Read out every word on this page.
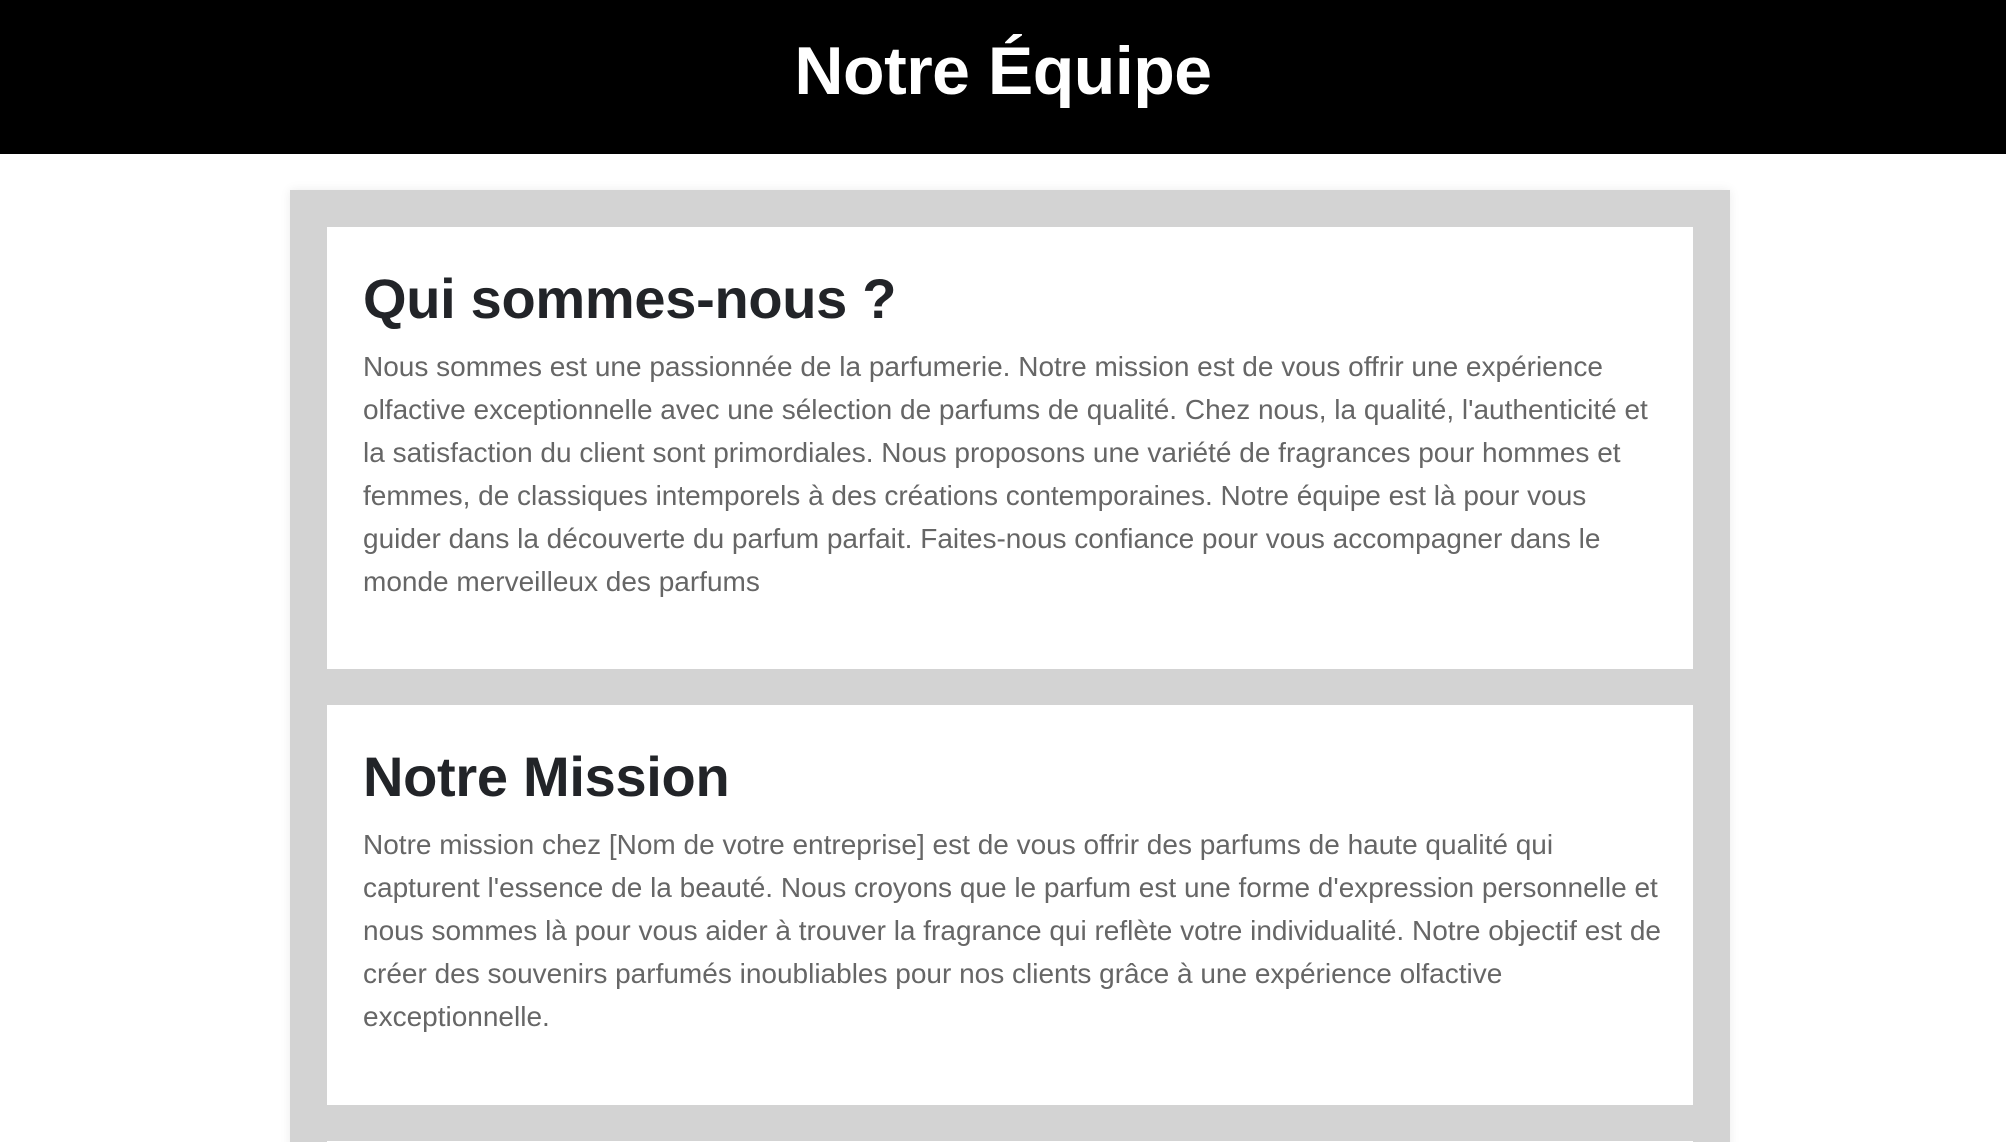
Notre Équipe
Qui sommes-nous ?

Nous sommes est une passionnée de la parfumerie. Notre mission est de vous offrir une expérience olfactive exceptionnelle avec une sélection de parfums de qualité. Chez nous, la qualité, l'authenticité et la satisfaction du client sont primordiales. Nous proposons une variété de fragrances pour hommes et femmes, de classiques intemporels à des créations contemporaines. Notre équipe est là pour vous guider dans la découverte du parfum parfait. Faites-nous confiance pour vous accompagner dans le monde merveilleux des parfums

Notre Mission

Notre mission chez [Nom de votre entreprise] est de vous offrir des parfums de haute qualité qui capturent l'essence de la beauté. Nous croyons que le parfum est une forme d'expression personnelle et nous sommes là pour vous aider à trouver la fragrance qui reflète votre individualité. Notre objectif est de créer des souvenirs parfumés inoubliables pour nos clients grâce à une expérience olfactive exceptionnelle.
